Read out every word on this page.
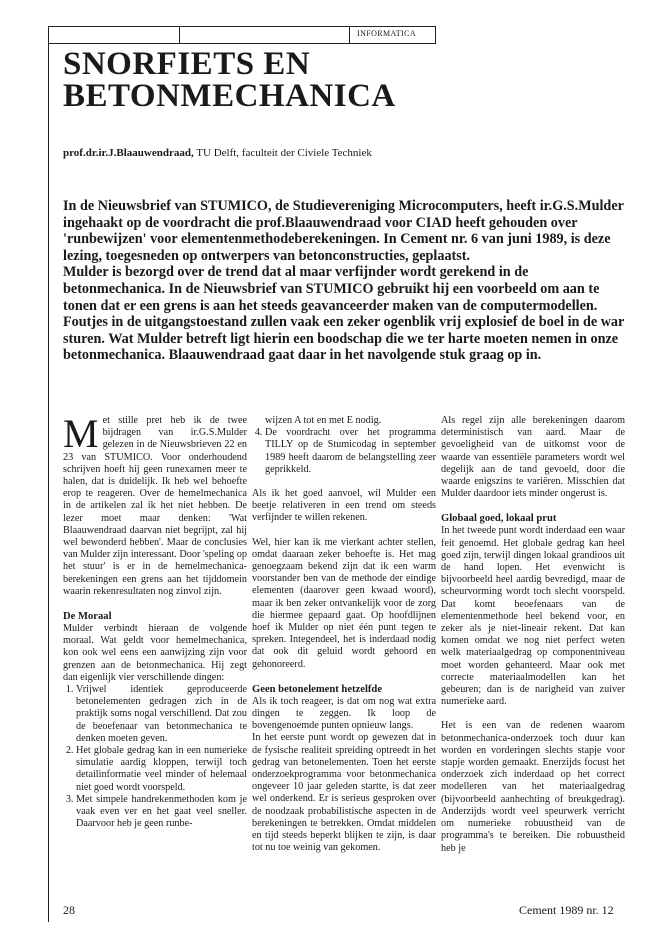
INFORMATICA
SNORFIETS EN BETONMECHANICA
prof.dr.ir.J.Blaauwendraad, TU Delft, faculteit der Civiele Techniek

In de Nieuwsbrief van STUMICO, de Studievereniging Microcomputers, heeft ir.G.S.Mulder ingehaakt op de voordracht die prof.Blaauwendraad voor CIAD heeft gehouden over 'runbewijzen' voor elementenmethodeberekeningen. In Cement nr. 6 van juni 1989, is deze lezing, toegesneden op ontwerpers van betonconstructies, geplaatst.

Mulder is bezorgd over de trend dat al maar verfijnder wordt gerekend in de betonmechanica. In de Nieuwsbrief van STUMICO gebruikt hij een voorbeeld om aan te tonen dat er een grens is aan het steeds geavanceerder maken van de computermodellen.

Foutjes in de uitgangstoestand zullen vaak een zeker ogenblik vrij explosief de boel in de war sturen. Wat Mulder betreft ligt hierin een boodschap die we ter harte moeten nemen in onze betonmechanica. Blaauwendraad gaat daar in het navolgende stuk graag op in.

Met stille pret heb ik de twee bijdragen van ir.G.S.Mulder gelezen in de Nieuwsbrieven 22 en 23 van STUMICO. Voor onderhoudend schrijven hoeft hij geen runexamen meer te halen, dat is duidelijk. Ik heb wel behoefte erop te reageren. Over de hemelmechanica in de artikelen zal ik het niet hebben. De lezer moet maar denken: 'Wat Blaauwendraad daarvan niet begrijpt, zal hij wel bewonderd hebben'. Maar de conclusies van Mulder zijn interessant. Door 'speling op het stuur' is er in de hemelmechanica-berekeningen een grens aan het tijddomein waarin rekenresultaten nog zinvol zijn.

De Moraal

Mulder verbindt hieraan de volgende moraal. Wat geldt voor hemelmechanica, kon ook wel eens een aanwijzing zijn voor grenzen aan de betonmechanica. Hij zegt dan eigenlijk vier verschillende dingen:

1. Vrijwel identiek geproduceerde betonelementen gedragen zich in de praktijk soms nogal verschillend. Dat zou de beoefenaar van betonmechanica te denken moeten geven.
2. Het globale gedrag kan in een numerieke simulatie aardig kloppen, terwijl toch detailinformatie veel minder of helemaal niet goed wordt voorspeld.
3. Met simpele handrekenmethoden kom je vaak even ver en het gaat veel sneller. Daarvoor heb je geen runbe-

wijzen A tot en met E nodig.

4. De voordracht over het programma TILLY op de Stumicodag in september 1989 heeft daarom de belangstelling zeer geprikkeld.

Als ik het goed aanvoel, wil Mulder een beetje relativeren in een trend om steeds verfijnder te willen rekenen.

Wel, hier kan ik me vierkant achter stellen, omdat daaraan zeker behoefte is. Het mag genoegzaam bekend zijn dat ik een warm voorstander ben van de methode der eindige elementen (daarover geen kwaad woord), maar ik ben zeker ontvankelijk voor de zorg die hiermee gepaard gaat. Op hoofdlijnen hoef ik Mulder op niet één punt tegen te spreken. Integendeel, het is inderdaad nodig dat ook dit geluid wordt gehoord en gehonoreerd.

Geen betonelement hetzelfde

Als ik toch reageer, is dat om nog wat extra dingen te zeggen. Ik loop de bovengenoemde punten opnieuw langs.

In het eerste punt wordt op gewezen dat in de fysische realiteit spreiding optreedt in het gedrag van betonelementen. Toen het eerste onderzoekprogramma voor betonmechanica ongeveer 10 jaar geleden startte, is dat zeer wel onderkend. Er is serieus gesproken over de noodzaak probabilistische aspecten in de berekeningen te betrekken. Omdat middelen en tijd steeds beperkt blijken te zijn, is daar tot nu toe weinig van gekomen.

Als regel zijn alle berekeningen daarom deterministisch van aard. Maar de gevoeligheid van de uitkomst voor de waarde van essentiële parameters wordt wel degelijk aan de tand gevoeld, door die waarde enigszins te variëren. Misschien dat Mulder daardoor iets minder ongerust is.

Globaal goed, lokaal prut

In het tweede punt wordt inderdaad een waar feit genoemd. Het globale gedrag kan heel goed zijn, terwijl dingen lokaal grandioos uit de hand lopen. Het evenwicht is bijvoorbeeld heel aardig bevredigd, maar de scheurvorming wordt toch slecht voorspeld. Dat komt beoefenaars van de elementenmethode heel bekend voor, en zeker als je niet-lineair rekent. Dat kan komen omdat we nog niet perfect weten welk materiaalgedrag op componentniveau moet worden gehanteerd. Maar ook met correcte materiaalmodellen kan het gebeuren; dan is de narigheid van zuiver numerieke aard.

Het is een van de redenen waarom betonmechanica-onderzoek toch duur kan worden en vorderingen slechts stapje voor stapje worden gemaakt. Enerzijds focust het onderzoek zich inderdaad op het correct modelleren van het materiaalgedrag (bijvoorbeeld aanhechting of breukgedrag). Anderzijds wordt veel speurwerk verricht om numerieke robuustheid van de programma's te bereiken. Die robuustheid heb je

28	Cement 1989 nr. 12
